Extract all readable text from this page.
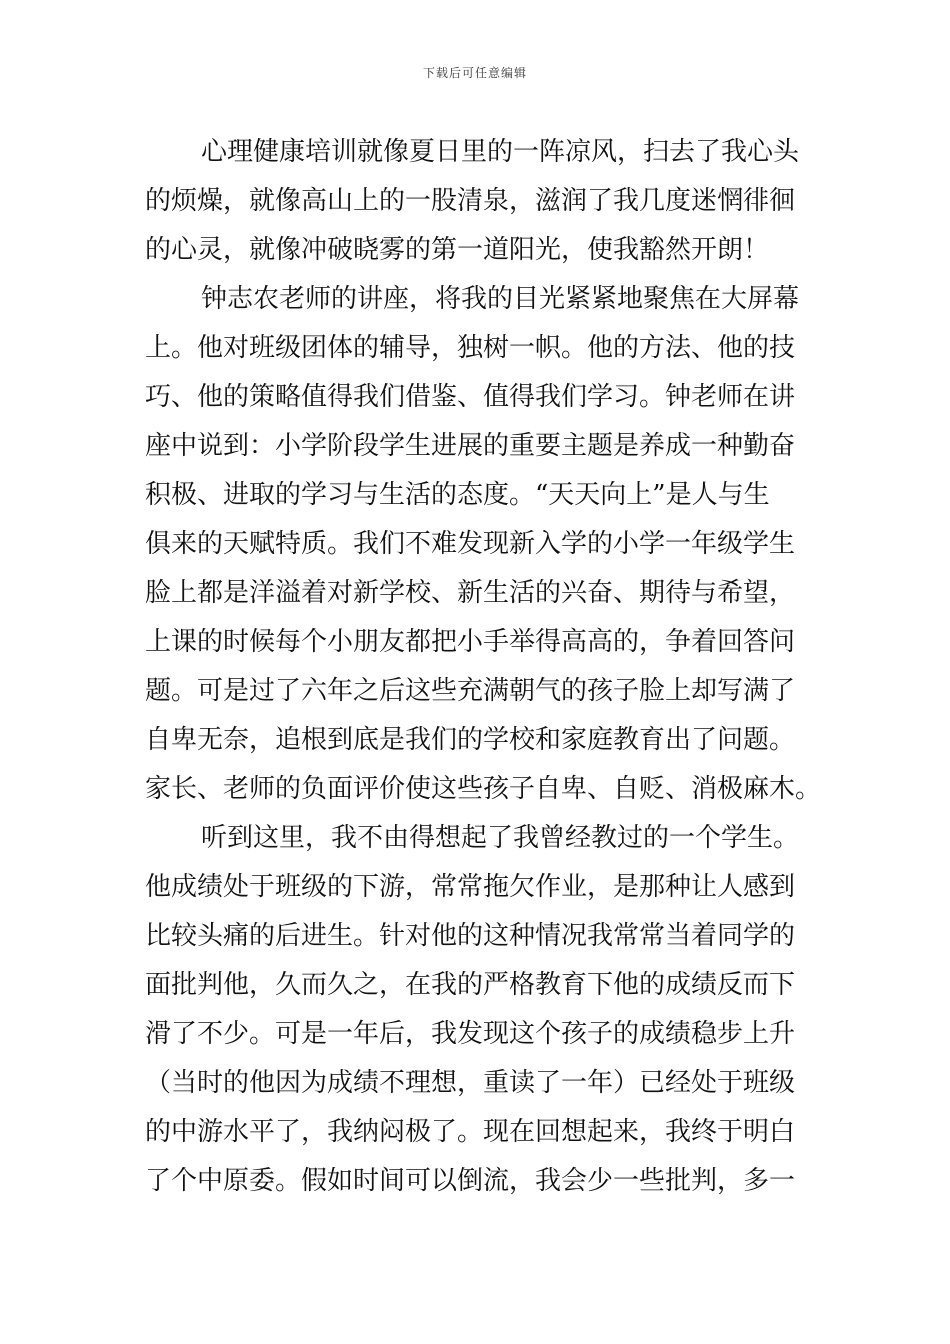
下载后可任意编辑
心理健康培训就像夏日里的一阵凉风，扫去了我心头
的烦燥，就像高山上的一股清泉，滋润了我几度迷惘徘徊
的心灵，就像冲破晓雾的第一道阳光，使我豁然开朗！
钟志农老师的讲座，将我的目光紧紧地聚焦在大屏幕
上。他对班级团体的辅导，独树一帜。他的方法、他的技
巧、他的策略值得我们借鉴、值得我们学习。钟老师在讲
座中说到：小学阶段学生进展的重要主题是养成一种勤奋
积极、进取的学习与生活的态度。“天天向上”是人与生
俱来的天赋特质。我们不难发现新入学的小学一年级学生
脸上都是洋溢着对新学校、新生活的兴奋、期待与希望，
上课的时候每个小朋友都把小手举得高高的，争着回答问
题。可是过了六年之后这些充满朝气的孩子脸上却写满了
自卑无奈，追根到底是我们的学校和家庭教育出了问题。
家长、老师的负面评价使这些孩子自卑、自贬、消极麻木。
听到这里，我不由得想起了我曾经教过的一个学生。
他成绩处于班级的下游，常常拖欠作业，是那种让人感到
比较头痛的后进生。针对他的这种情况我常常当着同学的
面批判他，久而久之，在我的严格教育下他的成绩反而下
滑了不少。可是一年后，我发现这个孩子的成绩稳步上升
（当时的他因为成绩不理想，重读了一年）已经处于班级
的中游水平了，我纳闷极了。现在回想起来，我终于明白
了个中原委。假如时间可以倒流，我会少一些批判，多一
